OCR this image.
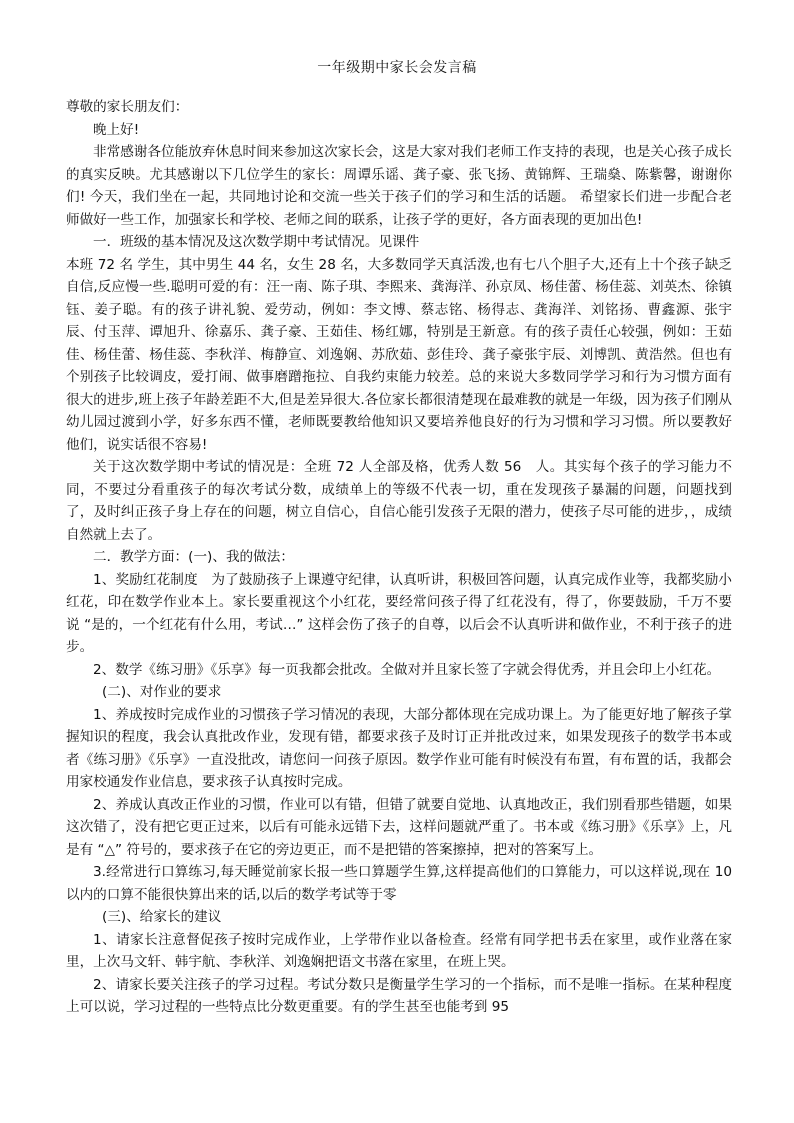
一年级期中家长会发言稿

尊敬的家长朋友们：

晚上好!

非常感谢各位能放弃休息时间来参加这次家长会，这是大家对我们老师工作支持的表现，也是关心孩子成长的真实反映。尤其感谢以下几位学生的家长：周谭乐谣、龚子豪、张飞扬、黄锦辉、王瑞燊、陈紫馨，谢谢你们! 今天，我们坐在一起，共同地讨论和交流一些关于孩子们的学习和生活的话题。 希望家长们进一步配合老师做好一些工作，加强家长和学校、老师之间的联系，让孩子学的更好，各方面表现的更加出色!

一．班级的基本情况及这次数学期中考试情况。见课件

本班 72 名 学生，其中男生 44 名，女生 28 名，大多数同学天真活泼,也有七八个胆子大,还有上十个孩子缺乏自信,反应慢一些.聪明可爱的有：汪一南、陈子琪、李熙来、龚海洋、孙京凤、杨佳蕾、杨佳蕊、刘英杰、徐镇钰、姜子聪。有的孩子讲礼貌、爱劳动，例如：李文博、蔡志铭、杨得志、龚海洋、刘铭扬、曹鑫源、张宇辰、付玉萍、谭旭升、徐嘉乐、龚子豪、王茹佳、杨红娜，特别是王新意。有的孩子责任心较强，例如：王茹佳、杨佳蕾、杨佳蕊、李秋洋、梅静宣、刘逸娴、苏欣茹、彭佳玲、龚子豪张宇辰、刘博凯、黄浩然。但也有个别孩子比较调皮，爱打闹、做事磨蹭拖拉、自我约束能力较差。总的来说大多数同学学习和行为习惯方面有很大的进步,班上孩子年龄差距不大,但是差异很大.各位家长都很清楚现在最难教的就是一年级，因为孩子们刚从幼儿园过渡到小学，好多东西不懂，老师既要教给他知识又要培养他良好的行为习惯和学习习惯。所以要教好他们，说实话很不容易!

关于这次数学期中考试的情况是：全班 72 人全部及格，优秀人数 56　人。其实每个孩子的学习能力不同，不要过分看重孩子的每次考试分数，成绩单上的等级不代表一切，重在发现孩子暴漏的问题，问题找到了，及时纠正孩子身上存在的问题，树立自信心，自信心能引发孩子无限的潜力，使孩子尽可能的进步，，成绩自然就上去了。

二．教学方面：(一)、我的做法：

1、奖励红花制度　为了鼓励孩子上课遵守纪律，认真听讲，积极回答问题，认真完成作业等，我都奖励小红花，印在数学作业本上。家长要重视这个小红花，要经常问孩子得了红花没有，得了，你要鼓励，千万不要说 “是的，一个红花有什么用，考试…” 这样会伤了孩子的自尊，以后会不认真听讲和做作业，不利于孩子的进步。

2、数学《练习册》《乐享》每一页我都会批改。全做对并且家长签了字就会得优秀，并且会印上小红花。

(二)、对作业的要求

1、养成按时完成作业的习惯孩子学习情况的表现，大部分都体现在完成功课上。为了能更好地了解孩子掌握知识的程度，我会认真批改作业，发现有错，都要求孩子及时订正并批改过来，如果发现孩子的数学书本或者《练习册》《乐享》一直没批改，请您问一问孩子原因。数学作业可能有时候没有布置，有布置的话，我都会用家校通发作业信息，要求孩子认真按时完成。

2、养成认真改正作业的习惯，作业可以有错，但错了就要自觉地、认真地改正，我们别看那些错题，如果这次错了，没有把它更正过来，以后有可能永远错下去，这样问题就严重了。书本或《练习册》《乐享》上，凡是有 “△” 符号的，要求孩子在它的旁边更正，而不是把错的答案擦掉，把对的答案写上。

3.经常进行口算练习,每天睡觉前家长报一些口算题学生算,这样提高他们的口算能力，可以这样说,现在 10 以内的口算不能很快算出来的话,以后的数学考试等于零

(三)、给家长的建议

1、请家长注意督促孩子按时完成作业，上学带作业以备检查。经常有同学把书丢在家里，或作业落在家里，上次马文轩、韩宇航、李秋洋、刘逸娴把语文书落在家里，在班上哭。

2、请家长要关注孩子的学习过程。考试分数只是衡量学生学习的一个指标，而不是唯一指标。在某种程度上可以说，学习过程的一些特点比分数更重要。有的学生甚至也能考到 95
